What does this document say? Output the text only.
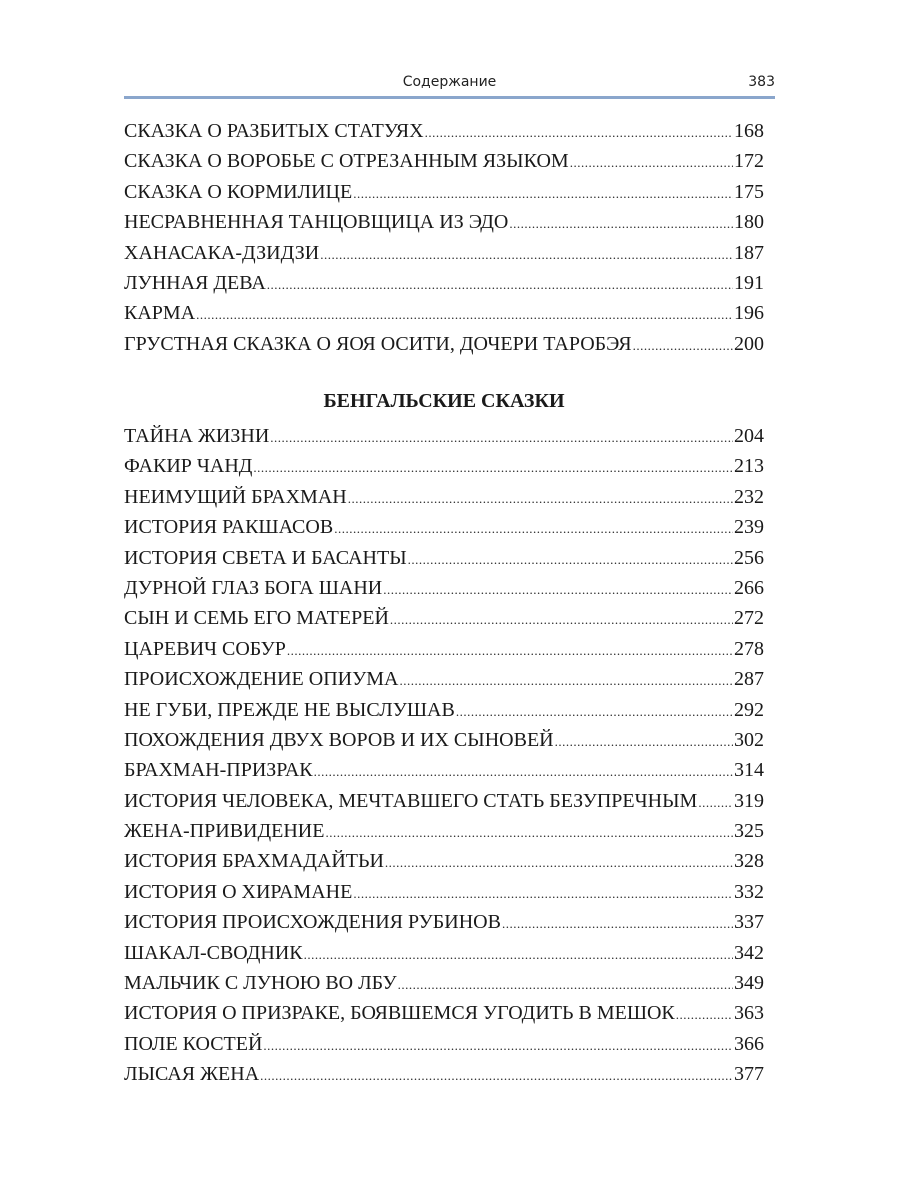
Содержание	383
СКАЗКА О РАЗБИТЫХ СТАТУЯХ .....	168
СКАЗКА О ВОРОБЬЕ С ОТРЕЗАННЫМ ЯЗЫКОМ .....	172
СКАЗКА О КОРМИЛИЦЕ .....	175
НЕСРАВНЕННАЯ ТАНЦОВЩИЦА ИЗ ЭДО .....	180
ХАНАСАКА-ДЗИДЗИ .....	187
ЛУННАЯ ДЕВА .....	191
КАРМА .....	196
ГРУСТНАЯ СКАЗКА О ЯОЯ ОСИТИ, ДОЧЕРИ ТАРОБЭЯ .....	200
БЕНГАЛЬСКИЕ СКАЗКИ
ТАЙНА ЖИЗНИ .....	204
ФАКИР ЧАНД .....	213
НЕИМУЩИЙ БРАХМАН .....	232
ИСТОРИЯ РАКШАСОВ .....	239
ИСТОРИЯ СВЕТА И БАСАНТЫ .....	256
ДУРНОЙ ГЛАЗ БОГА ШАНИ .....	266
СЫН И СЕМЬ ЕГО МАТЕРЕЙ .....	272
ЦАРЕВИЧ СОБУР .....	278
ПРОИСХОЖДЕНИЕ ОПИУМА .....	287
НЕ ГУБИ, ПРЕЖДЕ НЕ ВЫСЛУШАВ .....	292
ПОХОЖДЕНИЯ ДВУХ ВОРОВ И ИХ СЫНОВЕЙ .....	302
БРАХМАН-ПРИЗРАК .....	314
ИСТОРИЯ ЧЕЛОВЕКА, МЕЧТАВШЕГО СТАТЬ БЕЗУПРЕЧНЫМ ..... 319
ЖЕНА-ПРИВИДЕНИЕ .....	325
ИСТОРИЯ БРАХМАДАЙТЬИ .....	328
ИСТОРИЯ О ХИРАМАНЕ .....	332
ИСТОРИЯ ПРОИСХОЖДЕНИЯ РУБИНОВ .....	337
ШАКАЛ-СВОДНИК .....	342
МАЛЬЧИК С ЛУНОЮ ВО ЛБУ .....	349
ИСТОРИЯ О ПРИЗРАКЕ, БОЯВШЕМСЯ УГОДИТЬ В МЕШОК .....	363
ПОЛЕ КОСТЕЙ .....	366
ЛЫСАЯ ЖЕНА .....	377
